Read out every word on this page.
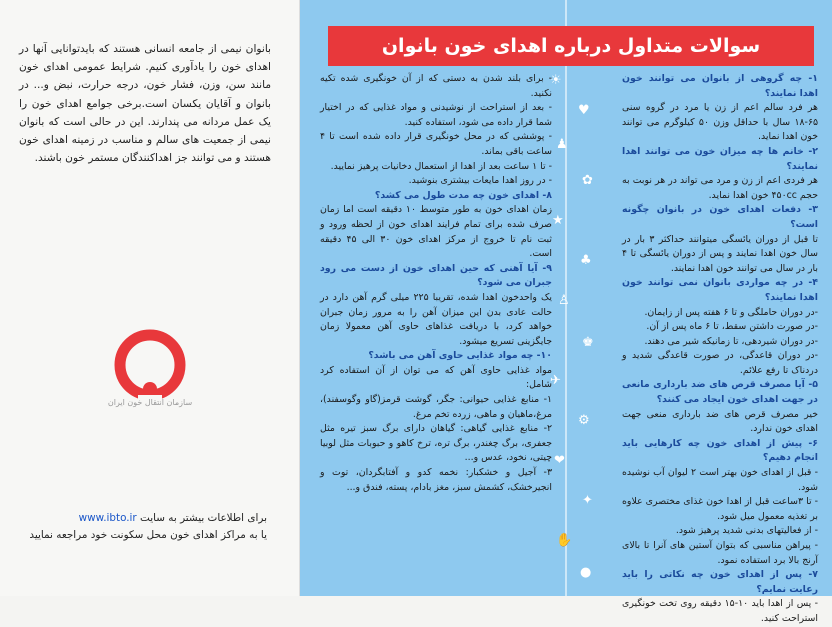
بانوان نیمی از جامعه انسانی هستند که بایدتوانایی آنها در اهدای خون را یادآوری کنیم. شرایط عمومی اهدای خون مانند سن، وزن، فشار خون، درجه حرارت، نبض و... در بانوان و آقایان یکسان است.برخی جوامع اهدای خون را یک عمل مردانه می پندارند. این در حالی است که بانوان نیمی از جمعیت های سالم و مناسب در زمینه اهدای خون هستند و می توانند جز اهداکنندگان مستمر خون باشند.

سازمان انتقال خون ایران
برای اطلاعات بیشتر به سایت www.ibto.ir
یا به مراکز اهدای خون محل سکونت خود مراجعه نمایید
سوالات متداول درباره اهدای خون بانوان
- برای بلند شدن به دستی که از آن خونگیری شده تکیه نکنید.
- بعد از استراحت از نوشیدنی و مواد غذایی که در اختیار شما قرار داده می شود، استفاده کنید.
- پوششی که در محل خونگیری قرار داده شده است تا ۴ ساعت باقی بماند.
- تا ۱ ساعت بعد از اهدا از استعمال دخانیات پرهیز نمایید.
- در روز اهدا مایعات بیشتری بنوشید.
۸- اهدای خون چه مدت طول می کشد؟
زمان اهدای خون به طور متوسط ۱۰ دقیقه است اما زمان صرف شده برای تمام فرایند اهدای خون از لحظه ورود و ثبت نام تا خروج از مرکز اهدای خون ۳۰ الی ۴۵ دقیقه است.
۹- آیا آهنی که حین اهدای خون از دست می رود جبران می شود؟
یک واحدخون اهدا شده، تقریبا ۲۲۵ میلی گرم آهن دارد در حالت عادی بدن این میزان آهن را به مرور زمان جبران خواهد کرد، با دریافت غذاهای حاوی آهن معمولا زمان جایگزینی تسریع میشود.
۱۰- چه مواد غذایی حاوی آهن می باشد؟
مواد غذایی حاوی آهن که می توان از آن استفاده کرد شامل:
۱- منابع غذایی حیوانی: جگر، گوشت قرمز(گاو وگوسفند)، مرغ،ماهیان و ماهی، زرده تخم مرغ.
۲- منابع غذایی گیاهی: گیاهان دارای برگ سبز تیره مثل جعفری، برگ چغندر، برگ تره، ترخ کاهو و حبوبات مثل لوبیا چیتی، نخود، عدس و...
۳- آجیل و خشکبار: نخمه کدو و آفتابگردان، توت و انجیرخشک، کشمش سبز، مغز بادام، پسته، فندق و...
☀
♥
♟
✿
★
♣
♙
♚
✈
⚙
❤
✦
✋
●
۱- چه گروهی از بانوان می توانند خون اهدا نمایند؟
هر فرد سالم اعم از زن یا مرد در گروه سنی ۶۵-۱۸ سال با حداقل وزن ۵۰ کیلوگرم می توانند خون اهدا نماید.
۲- خانم ها چه میزان خون می توانند اهدا نمایند؟
هر فردی اعم از زن و مرد می تواند در هر نوبت به حجم ۴۵۰cc خون اهدا نماید.
۳- دفعات اهدای خون در بانوان چگونه است؟
تا قبل از دوران یائسگی میتوانند حداکثر ۳ بار در سال خون اهدا نمایند و پس از دوران یائسگی تا ۴ بار در سال می توانند خون اهدا نمایند.
۴- در چه مواردی بانوان نمی توانند خون اهدا نمایند؟
-در دوران حاملگی و تا ۶ هفته پس از زایمان.
-در صورت داشتن سقط، تا ۶ ماه پس از آن.
-در دوران شیردهی، تا زمانیکه شیر می دهند.
-در دوران قاعدگی، در صورت قاعدگی شدید و دردناک تا رفع علائم.
۵- آیا مصرف قرص های ضد بارداری مانعی در جهت اهدای خون ایجاد می کنند؟
خیر مصرف قرص های ضد بارداری منعی جهت اهدای خون ندارد.
۶- پیش از اهدای خون چه کارهایی باید انجام دهیم؟
- قبل از اهدای خون بهتر است ۲ لیوان آب نوشیده شود.
- تا ۳ساعت قبل از اهدا خون غذای مختصری علاوه بر تغذیه معمول میل شود.
- از فعالیتهای بدنی شدید پرهیز شود.
- پیراهن مناسبی که بتوان آستین های آنرا تا بالای آرنج بالا برد استفاده نمود.
۷- پس از اهدای خون چه نکاتی را باید رعایت نمایم؟
- پس از اهدا باید ۱۰-۱۵ دقیقه روی تخت خونگیری استراحت کنید.
